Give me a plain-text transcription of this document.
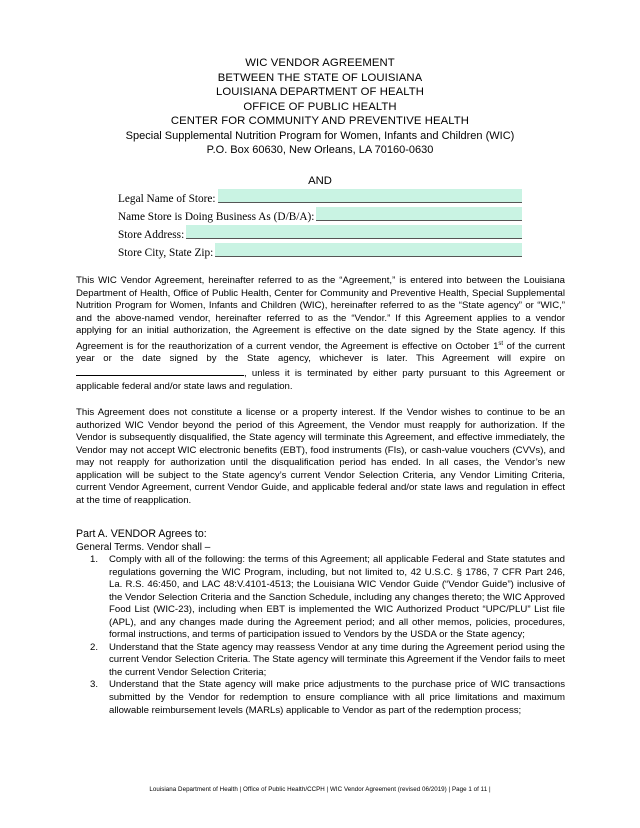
WIC VENDOR AGREEMENT
BETWEEN THE STATE OF LOUISIANA
LOUISIANA DEPARTMENT OF HEALTH
OFFICE OF PUBLIC HEALTH
CENTER FOR COMMUNITY AND PREVENTIVE HEALTH
Special Supplemental Nutrition Program for Women, Infants and Children (WIC)
P.O. Box 60630, New Orleans, LA 70160-0630
AND
Legal Name of Store:
Name Store is Doing Business As (D/B/A):
Store Address:
Store City, State Zip:
This WIC Vendor Agreement, hereinafter referred to as the “Agreement,” is entered into between the Louisiana Department of Health, Office of Public Health, Center for Community and Preventive Health, Special Supplemental Nutrition Program for Women, Infants and Children (WIC), hereinafter referred to as the “State agency” or “WIC,” and the above-named vendor, hereinafter referred to as the “Vendor.” If this Agreement applies to a vendor applying for an initial authorization, the Agreement is effective on the date signed by the State agency. If this Agreement is for the reauthorization of a current vendor, the Agreement is effective on October 1st of the current year or the date signed by the State agency, whichever is later. This Agreement will expire on , unless it is terminated by either party pursuant to this Agreement or applicable federal and/or state laws and regulation.
This Agreement does not constitute a license or a property interest. If the Vendor wishes to continue to be an authorized WIC Vendor beyond the period of this Agreement, the Vendor must reapply for authorization. If the Vendor is subsequently disqualified, the State agency will terminate this Agreement, and effective immediately, the Vendor may not accept WIC electronic benefits (EBT), food instruments (FIs), or cash-value vouchers (CVVs), and may not reapply for authorization until the disqualification period has ended. In all cases, the Vendor’s new application will be subject to the State agency’s current Vendor Selection Criteria, any Vendor Limiting Criteria, current Vendor Agreement, current Vendor Guide, and applicable federal and/or state laws and regulation in effect at the time of reapplication.
Part A. VENDOR Agrees to:
General Terms. Vendor shall –
1. Comply with all of the following: the terms of this Agreement; all applicable Federal and State statutes and regulations governing the WIC Program, including, but not limited to, 42 U.S.C. § 1786, 7 CFR Part 246, La. R.S. 46:450, and LAC 48:V.4101-4513; the Louisiana WIC Vendor Guide (“Vendor Guide”) inclusive of the Vendor Selection Criteria and the Sanction Schedule, including any changes thereto; the WIC Approved Food List (WIC-23), including when EBT is implemented the WIC Authorized Product “UPC/PLU” List file (APL), and any changes made during the Agreement period; and all other memos, policies, procedures, formal instructions, and terms of participation issued to Vendors by the USDA or the State agency;
2. Understand that the State agency may reassess Vendor at any time during the Agreement period using the current Vendor Selection Criteria. The State agency will terminate this Agreement if the Vendor fails to meet the current Vendor Selection Criteria;
3. Understand that the State agency will make price adjustments to the purchase price of WIC transactions submitted by the Vendor for redemption to ensure compliance with all price limitations and maximum allowable reimbursement levels (MARLs) applicable to Vendor as part of the redemption process;
Louisiana Department of Health | Office of Public Health/CCPH | WIC Vendor Agreement (revised 06/2019) | Page 1 of 11 |
